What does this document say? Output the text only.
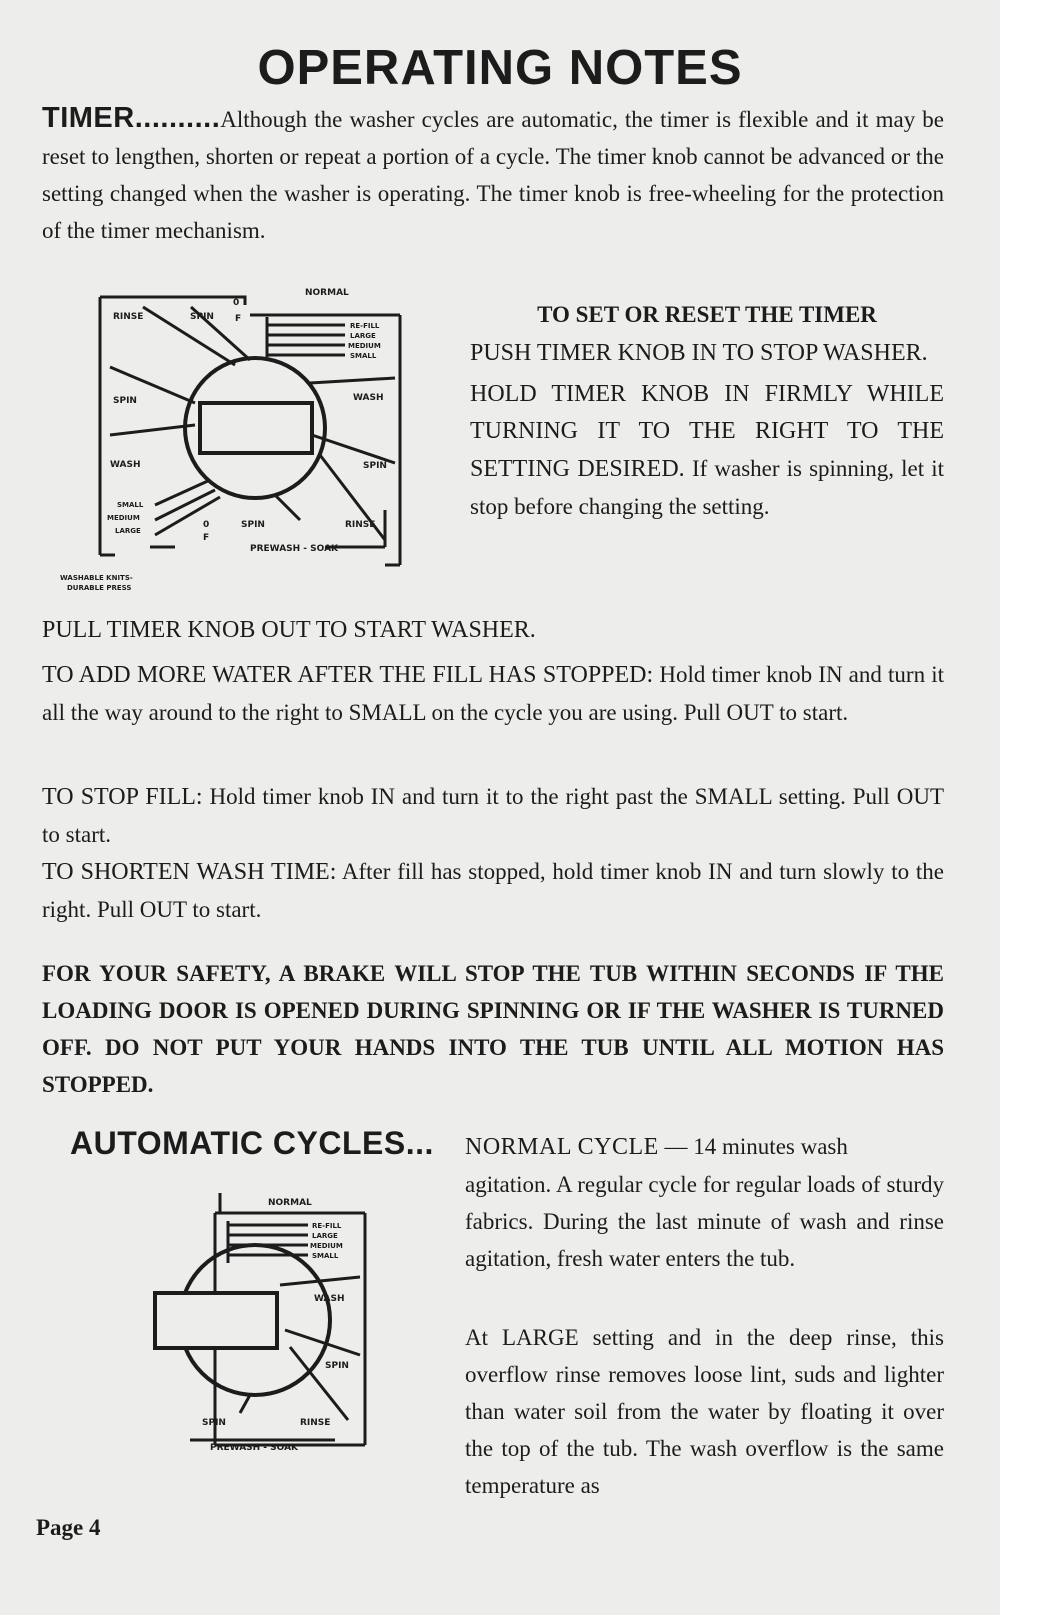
OPERATING NOTES

TIMER..........Although the washer cycles are automatic, the timer is flexible and it may be reset to lengthen, shorten or repeat a portion of a cycle. The timer knob cannot be advanced or the setting changed when the washer is operating. The timer knob is free-wheeling for the protection of the timer mechanism.

NORMAL
0
F
RINSE	SPIN
RE-FILL
LARGE
MEDIUM
SMALL
SPIN	WASH
WASH	SPIN
SMALL
MEDIUM
LARGE
0	SPIN	RINSE
PREWASH - SOAK
F
WASHABLE KNITS-
DURABLE PRESS

TO SET OR RESET THE TIMER

PUSH TIMER KNOB IN TO STOP WASHER.

HOLD TIMER KNOB IN FIRMLY WHILE TURNING IT TO THE RIGHT TO THE SETTING DESIRED. If washer is spinning, let it stop before changing the setting.

PULL TIMER KNOB OUT TO START WASHER.

TO ADD MORE WATER AFTER THE FILL HAS STOPPED: Hold timer knob IN and turn it all the way around to the right to SMALL on the cycle you are using. Pull OUT to start.

TO STOP FILL: Hold timer knob IN and turn it to the right past the SMALL setting. Pull OUT to start.

TO SHORTEN WASH TIME: After fill has stopped, hold timer knob IN and turn slowly to the right. Pull OUT to start.

FOR YOUR SAFETY, A BRAKE WILL STOP THE TUB WITHIN SECONDS IF THE LOADING DOOR IS OPENED DURING SPINNING OR IF THE WASHER IS TURNED OFF. DO NOT PUT YOUR HANDS INTO THE TUB UNTIL ALL MOTION HAS STOPPED.

AUTOMATIC CYCLES... NORMAL CYCLE — 14 minutes wash

agitation. A regular cycle for regular loads of sturdy fabrics. During the last minute of wash and rinse agitation, fresh water enters the tub.

At LARGE setting and in the deep rinse, this overflow rinse removes loose lint, suds and lighter than water soil from the water by floating it over the top of the tub. The wash overflow is the same temperature as

NORMAL
RE-FILL
LARGE
MEDIUM
SMALL
WASH
SPIN
SPIN	RINSE
PREWASH - SOAK

Page 4
